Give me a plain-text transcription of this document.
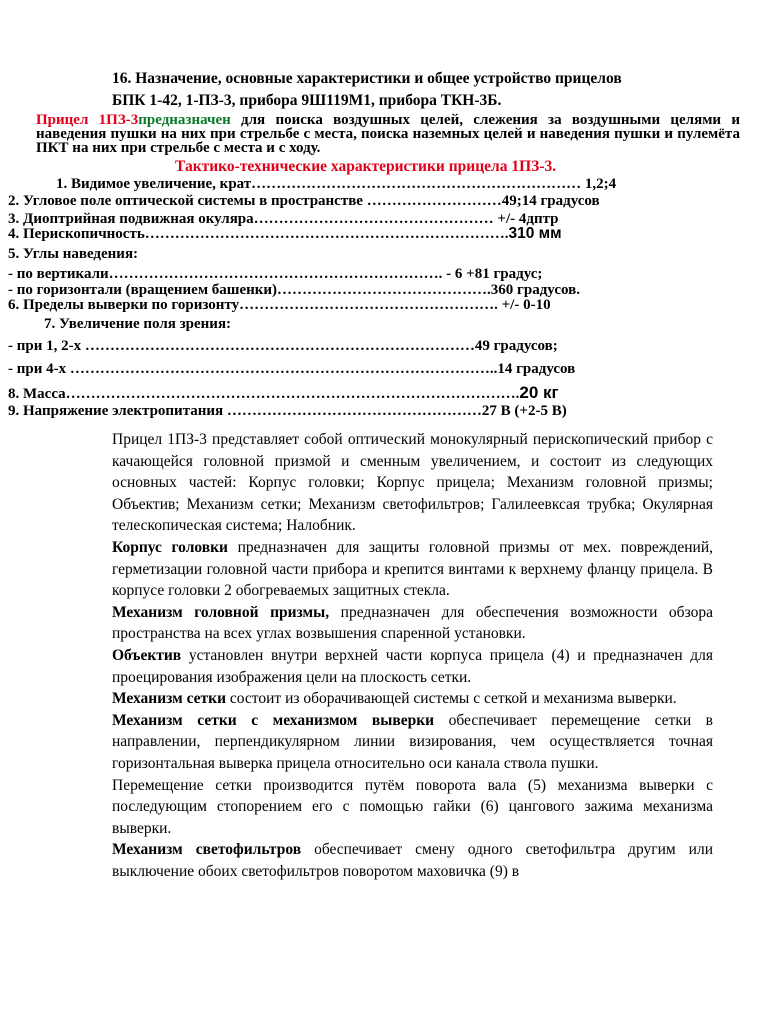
16. Назначение, основные характеристики и общее устройство прицелов
БПК 1-42, 1-ПЗ-3, прибора 9Ш119М1, прибора ТКН-3Б.
Прицел 1ПЗ-3предназначен для поиска воздушных целей, слежения за воздушными целями и наведения пушки на них при стрельбе с места, поиска наземных целей и наведения пушки и пулемёта ПКТ на них при стрельбе с места и с ходу.
Тактико-технические характеристики прицела 1ПЗ-3.
1. Видимое увеличение, крат………………………………………………………… 1,2;4
2. Угловое поле оптической системы в пространстве ………………………49;14 градусов
3. Диоптрийная подвижная окуляра………………………………………… +/- 4дптр
4. Перископичность……………………………………………………………….310 мм
5. Углы наведения:
- по вертикали…………………………………………………………. - 6 +81 градус;
- по горизонтали (вращением башенки)…………………………………….360 градусов.
6. Пределы выверки по горизонту……………………………………………. +/- 0-10
7. Увеличение поля зрения:
- при 1, 2-х ……………………………………………………………………49 градусов;
- при 4-х …………………………………………………………………………..14 градусов
8. Масса……………………………………………………………………………….20 кг
9. Напряжение электропитания ……………………………………………27 В (+2-5 В)

Прицел 1ПЗ-3 представляет собой оптический монокулярный перископический прибор с качающейся головной призмой и сменным увеличением, и состоит из следующих основных частей: Корпус головки; Корпус прицела; Механизм головной призмы; Объектив; Механизм сетки; Механизм светофильтров; Галилеевксая трубка; Окулярная телескопическая система; Налобник.

Корпус головки предназначен для защиты головной призмы от мех. повреждений, герметизации головной части прибора и крепится винтами к верхнему фланцу прицела. В корпусе головки 2 обогреваемых защитных стекла.

Механизм головной призмы, предназначен для обеспечения возможности обзора пространства на всех углах возвышения спаренной установки.

Объектив установлен внутри верхней части корпуса прицела (4) и предназначен для проецирования изображения цели на плоскость сетки.

Механизм сетки состоит из оборачивающей системы с сеткой и механизма выверки.

Механизм сетки с механизмом выверки обеспечивает перемещение сетки в направлении, перпендикулярном линии визирования, чем осуществляется точная горизонтальная выверка прицела относительно оси канала ствола пушки.

Перемещение сетки производится путём поворота вала (5) механизма выверки с последующим стопорением его с помощью гайки (6) цангового зажима механизма выверки.

Механизм светофильтров обеспечивает смену одного светофильтра другим или выключение обоих светофильтров поворотом маховичка (9) в
